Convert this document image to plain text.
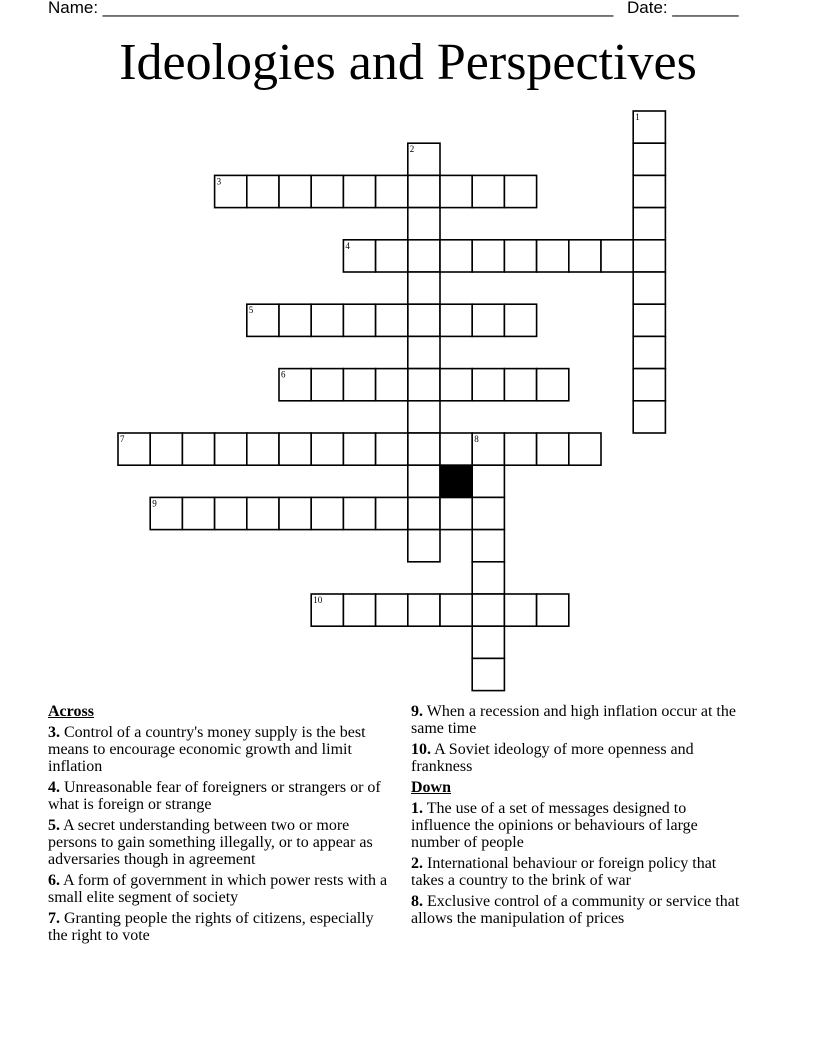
Name: ______________________________________________________ Date: _______
Ideologies and Perspectives
1
2
3
4
5
6
7	8
9
10
Across
3. Control of a country's money supply is the best means to encourage economic growth and limit inflation
4. Unreasonable fear of foreigners or strangers or of what is foreign or strange
5. A secret understanding between two or more persons to gain something illegally, or to appear as adversaries though in agreement
6. A form of government in which power rests with a small elite segment of society
7. Granting people the rights of citizens, especially the right to vote
9. When a recession and high inflation occur at the same time
10. A Soviet ideology of more openness and frankness
Down
1. The use of a set of messages designed to influence the opinions or behaviours of large number of people
2. International behaviour or foreign policy that takes a country to the brink of war
8. Exclusive control of a community or service that allows the manipulation of prices
